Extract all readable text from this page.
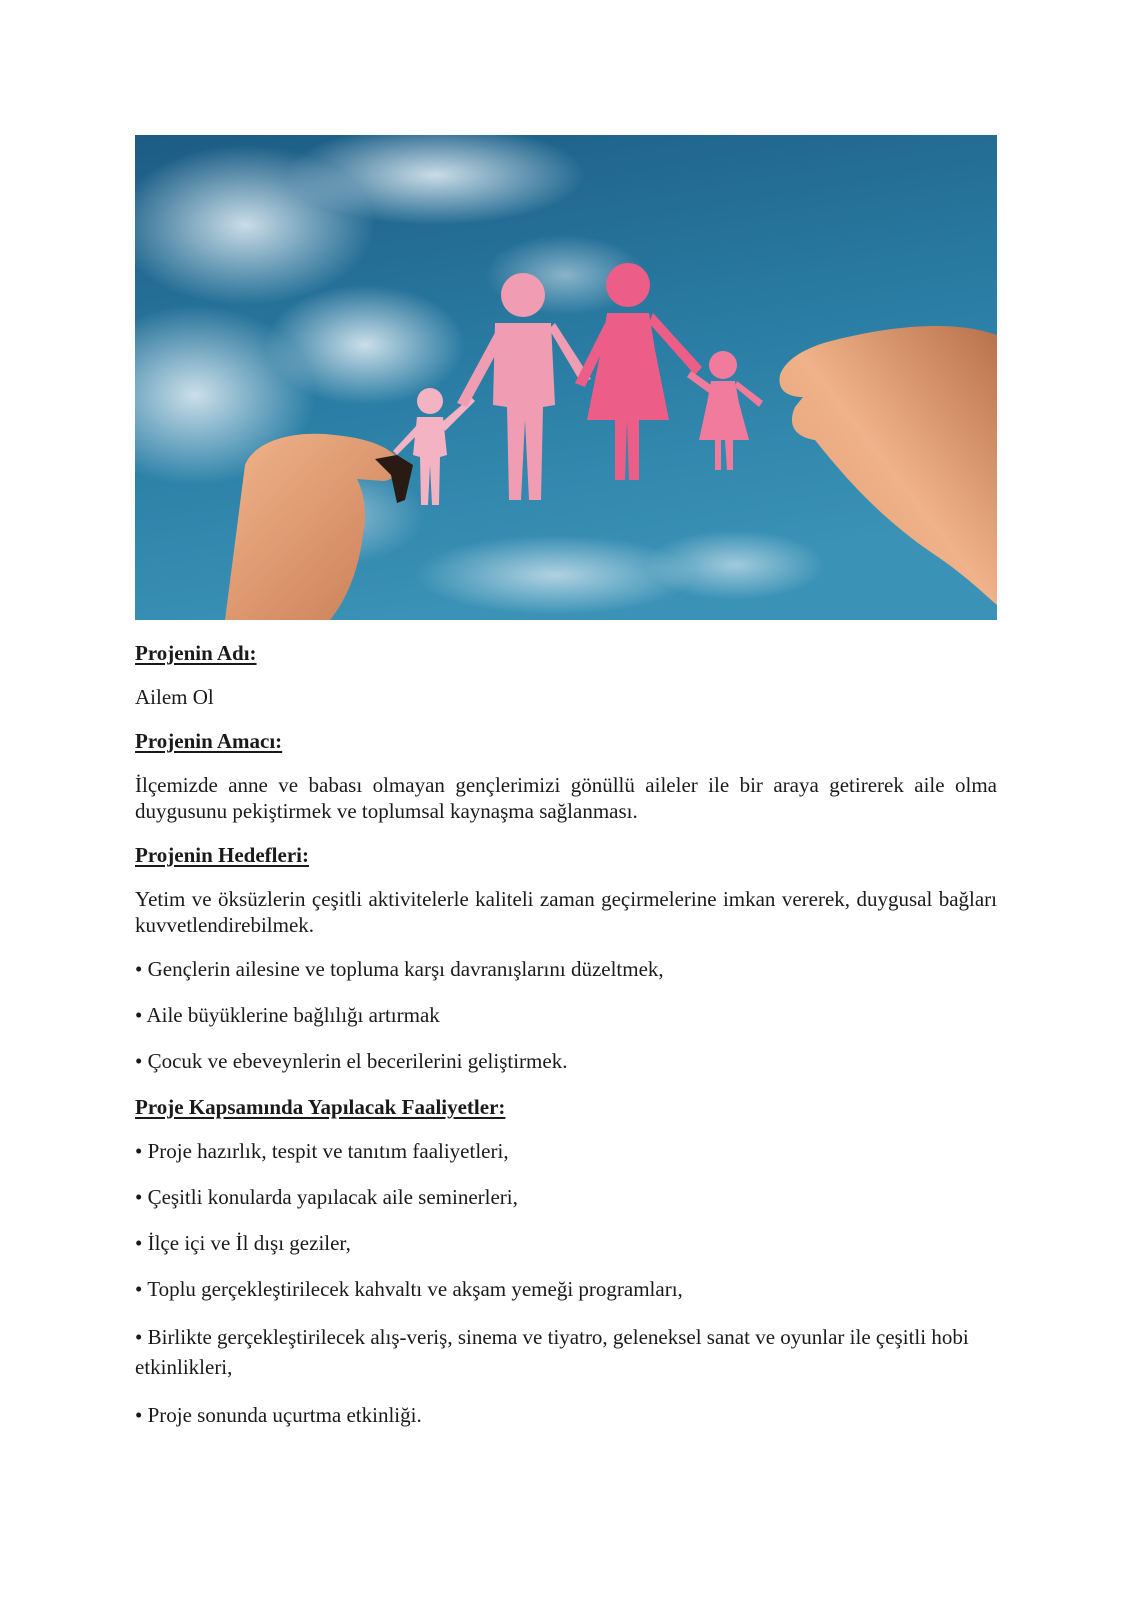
Projenin Adı:

Ailem Ol

Projenin Amacı:

İlçemizde anne ve babası olmayan gençlerimizi gönüllü aileler ile bir araya getirerek aile olma duygusunu pekiştirmek ve toplumsal kaynaşma sağlanması.

Projenin Hedefleri:

Yetim ve öksüzlerin çeşitli aktivitelerle kaliteli zaman geçirmelerine imkan vererek, duygusal bağları kuvvetlendirebilmek.

• Gençlerin ailesine ve topluma karşı davranışlarını düzeltmek,

• Aile büyüklerine bağlılığı artırmak

• Çocuk ve ebeveynlerin el becerilerini geliştirmek.

Proje Kapsamında Yapılacak Faaliyetler:

• Proje hazırlık, tespit ve tanıtım faaliyetleri,

• Çeşitli konularda yapılacak aile seminerleri,

• İlçe içi ve İl dışı geziler,

• Toplu gerçekleştirilecek kahvaltı ve akşam yemeği programları,

• Birlikte gerçekleştirilecek alış-veriş, sinema ve tiyatro, geleneksel sanat ve oyunlar ile çeşitli hobi etkinlikleri,

• Proje sonunda uçurtma etkinliği.
